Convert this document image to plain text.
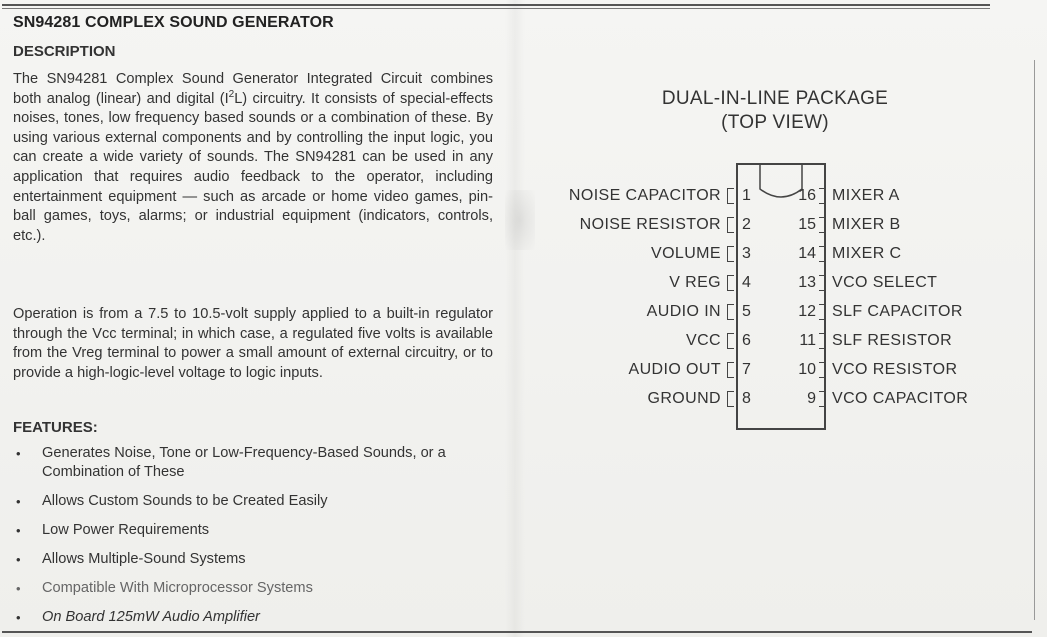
SN94281 COMPLEX SOUND GENERATOR
DESCRIPTION

The SN94281 Complex Sound Generator Integrated Circuit combines both analog (linear) and digital $(I^2L)$ circuitry. It consists of special-effects noises, tones, low frequency based sounds or a combination of these. By using various external components and by controlling the input logic, you can create a wide variety of sounds. The SN94281 can be used in any application that requires audio feedback to the operator, including entertainment equipment — such as arcade or home video games, pin-ball games, toys, alarms; or industrial equipment (indicators, controls, etc.).

Operation is from a 7.5 to 10.5-volt supply applied to a built-in regulator through the Vcc terminal; in which case, a regulated five volts is available from the Vreg terminal to power a small amount of external circuitry, or to provide a high-logic-level voltage to logic inputs.

FEATURES:
• Generates Noise, Tone or Low-Frequency-Based Sounds, or a Combination of These
• Allows Custom Sounds to be Created Easily
• Low Power Requirements
• Allows Multiple-Sound Systems
• Compatible With Microprocessor Systems
• On Board 125mW Audio Amplifier
DUAL-IN-LINE PACKAGE
(TOP VIEW)
NOISE CAPACITOR 1
NOISE RESISTOR 2
VOLUME 3
V REG 4
AUDIO IN 5
VCC 6
AUDIO OUT 7
GROUND 8
16 MIXER A
15 MIXER B
14 MIXER C
13 VCO SELECT
12 SLF CAPACITOR
11 SLF RESISTOR
10 VCO RESISTOR
9 VCO CAPACITOR
